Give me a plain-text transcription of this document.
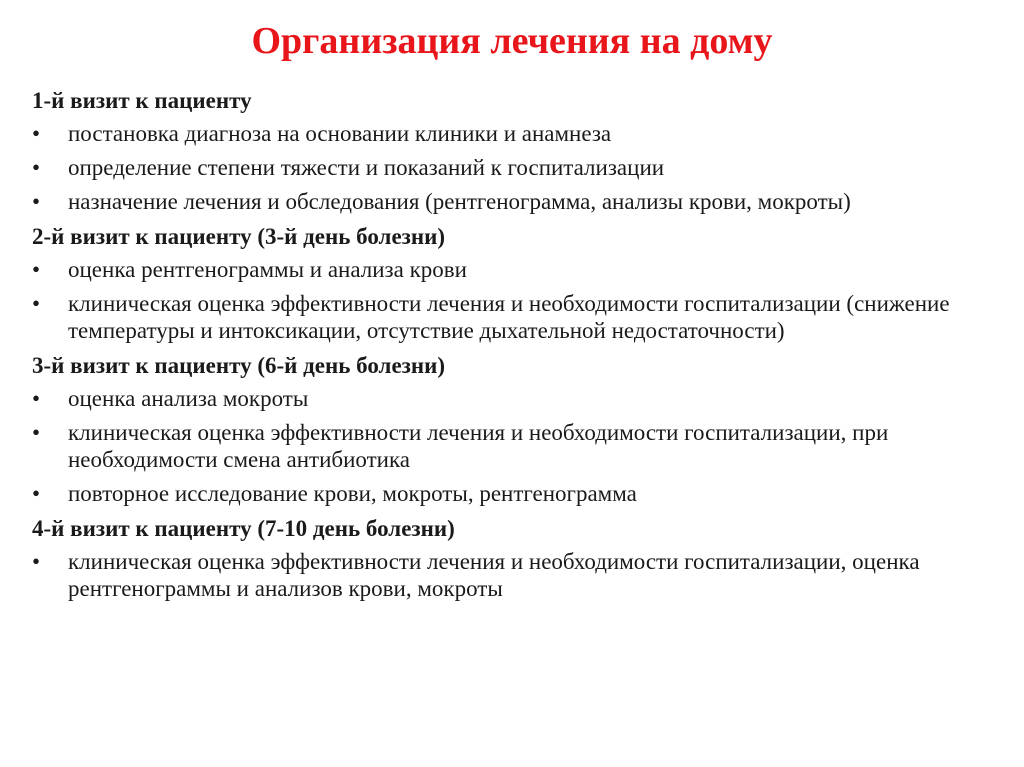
Организация лечения на дому

1-й визит к пациенту

•	постановка диагноза на основании клиники и анамнеза
•	определение степени тяжести и показаний к госпитализации
•	назначение лечения и обследования (рентгенограмма, анализы крови, мокроты)

2-й визит к пациенту (3-й день болезни)

•	оценка рентгенограммы и анализа крови
•	клиническая оценка эффективности лечения и необходимости госпитализации (снижение температуры и интоксикации, отсутствие дыхательной недостаточности)

3-й визит к пациенту (6-й день болезни)

•	оценка анализа мокроты
•	клиническая оценка эффективности лечения и необходимости госпитализации, при необходимости смена антибиотика
•	повторное исследование крови, мокроты, рентгенограмма

4-й визит к пациенту (7-10 день болезни)

•	клиническая оценка эффективности лечения и необходимости госпитализации, оценка рентгенограммы и анализов крови, мокроты
